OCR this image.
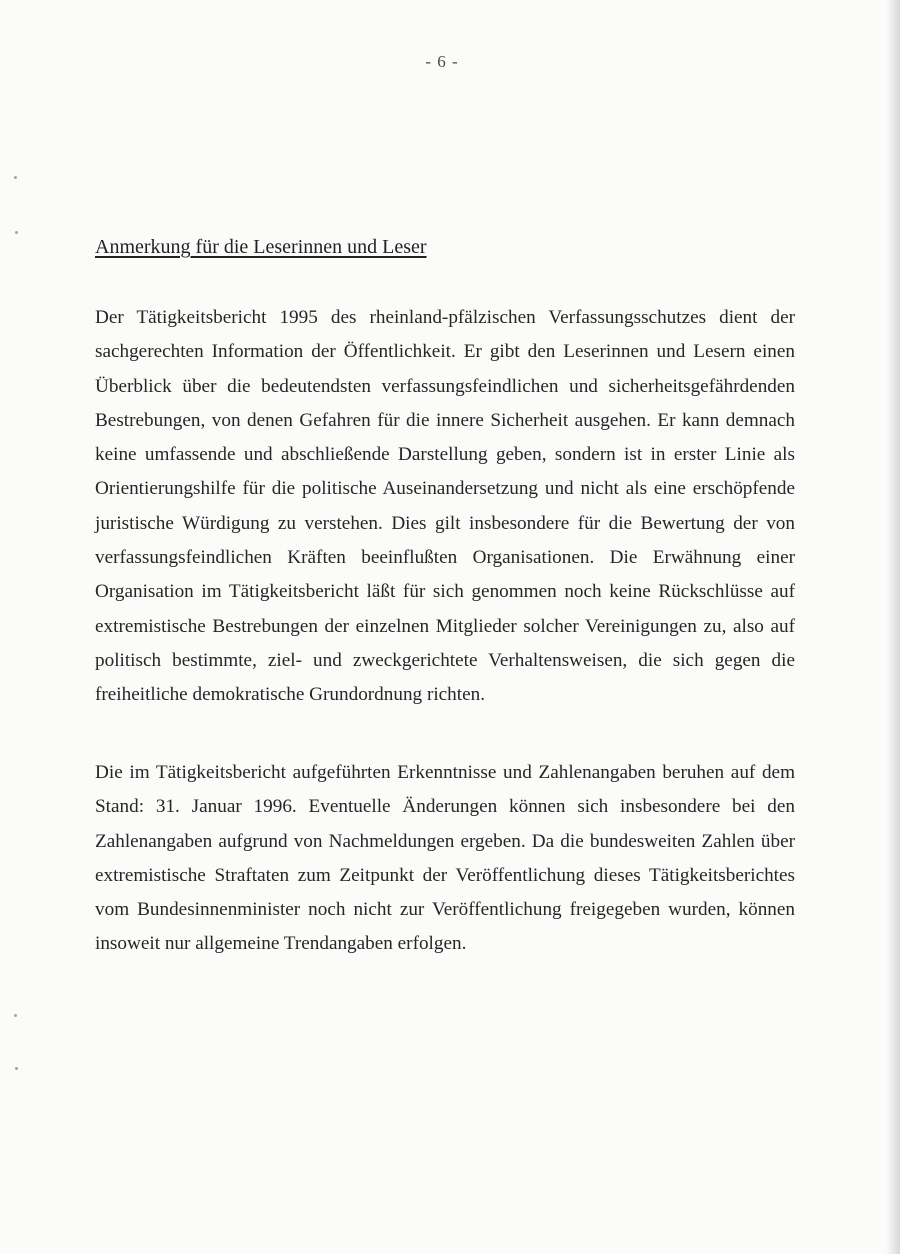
- 6 -
Anmerkung für die Leserinnen und Leser

Der Tätigkeitsbericht 1995 des rheinland-pfälzischen Verfassungsschutzes dient der sachgerechten Information der Öffentlichkeit. Er gibt den Leserinnen und Lesern einen Überblick über die bedeutendsten verfassungsfeindlichen und sicherheitsgefährdenden Bestrebungen, von denen Gefahren für die innere Sicherheit ausgehen. Er kann demnach keine umfassende und abschließende Darstellung geben, sondern ist in erster Linie als Orientierungshilfe für die politische Auseinandersetzung und nicht als eine erschöpfende juristische Würdigung zu verstehen. Dies gilt insbesondere für die Bewertung der von verfassungsfeindlichen Kräften beeinflußten Organisationen. Die Erwähnung einer Organisation im Tätigkeitsbericht läßt für sich genommen noch keine Rückschlüsse auf extremistische Bestrebungen der einzelnen Mitglieder solcher Vereinigungen zu, also auf politisch bestimmte, ziel- und zweckgerichtete Verhaltensweisen, die sich gegen die freiheitliche demokratische Grundordnung richten.

Die im Tätigkeitsbericht aufgeführten Erkenntnisse und Zahlenangaben beruhen auf dem Stand: 31. Januar 1996. Eventuelle Änderungen können sich insbesondere bei den Zahlenangaben aufgrund von Nachmeldungen ergeben. Da die bundesweiten Zahlen über extremistische Straftaten zum Zeitpunkt der Veröffentlichung dieses Tätigkeitsberichtes vom Bundesinnenminister noch nicht zur Veröffentlichung freigegeben wurden, können insoweit nur allgemeine Trendangaben erfolgen.
